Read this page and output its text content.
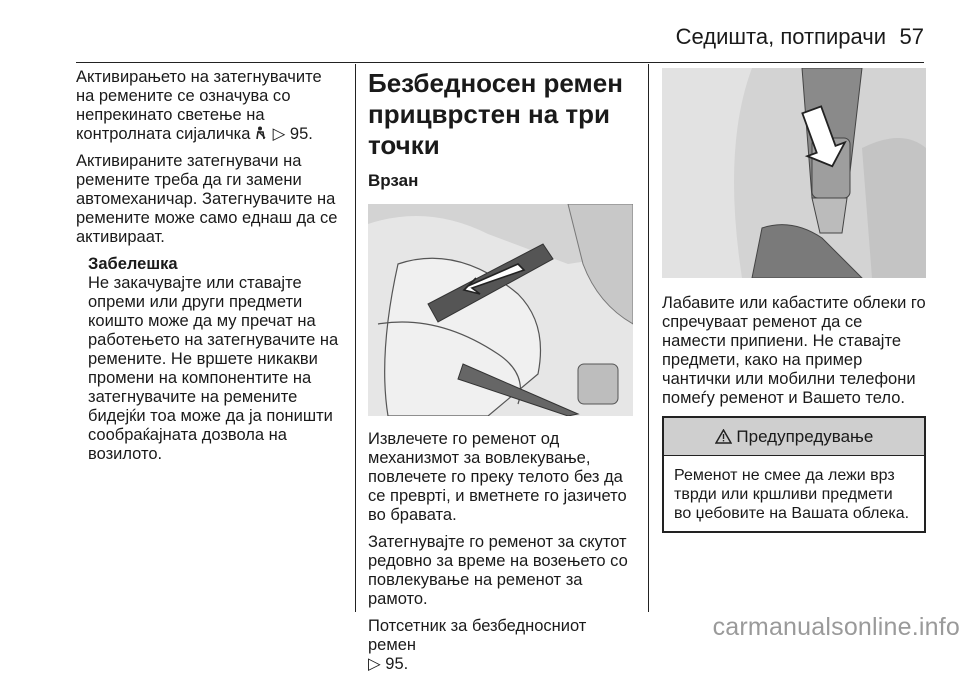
Седишта, потпирачи 57

Активирањето на затегнувачите на ремените се означува со непрекинато светење на контролната сијаличка ▷ 95.

Активираните затегнувачи на ремените треба да ги замени автомеханичар. Затегнувачите на ремените може само еднаш да се активираат.

Забелешка
Не закачувајте или ставајте опреми или други предмети коишто може да му пречат на работењето на затегнувачите на ремените. Не вршете никакви промени на компонентите на затегнувачите на ремените бидејќи тоа може да ја поништи сообраќајната дозвола на возилото.
Безбедносен ремен прицврстен на три точки
Врзан

Извлечете го ременот од механизмот за вовлекување, повлечете го преку телото без да се превртi, и вметнете го јазичето во бравата.

Затегнувајте го ременот за скутот редовно за време на возењето со повлекување на ременот за рамото.

Потсетник за безбедносниот ремен
▷ 95.

Лабавите или кабастите облеки го спречуваат ременот да се намести припиени. Не ставајте предмети, како на пример чантички или мобилни телефони помеѓу ременот и Вашето тело.

Предупредување
Ременот не смее да лежи врз тврди или кршливи предмети во џебовите на Вашата облека.
carmanualsonline.info
